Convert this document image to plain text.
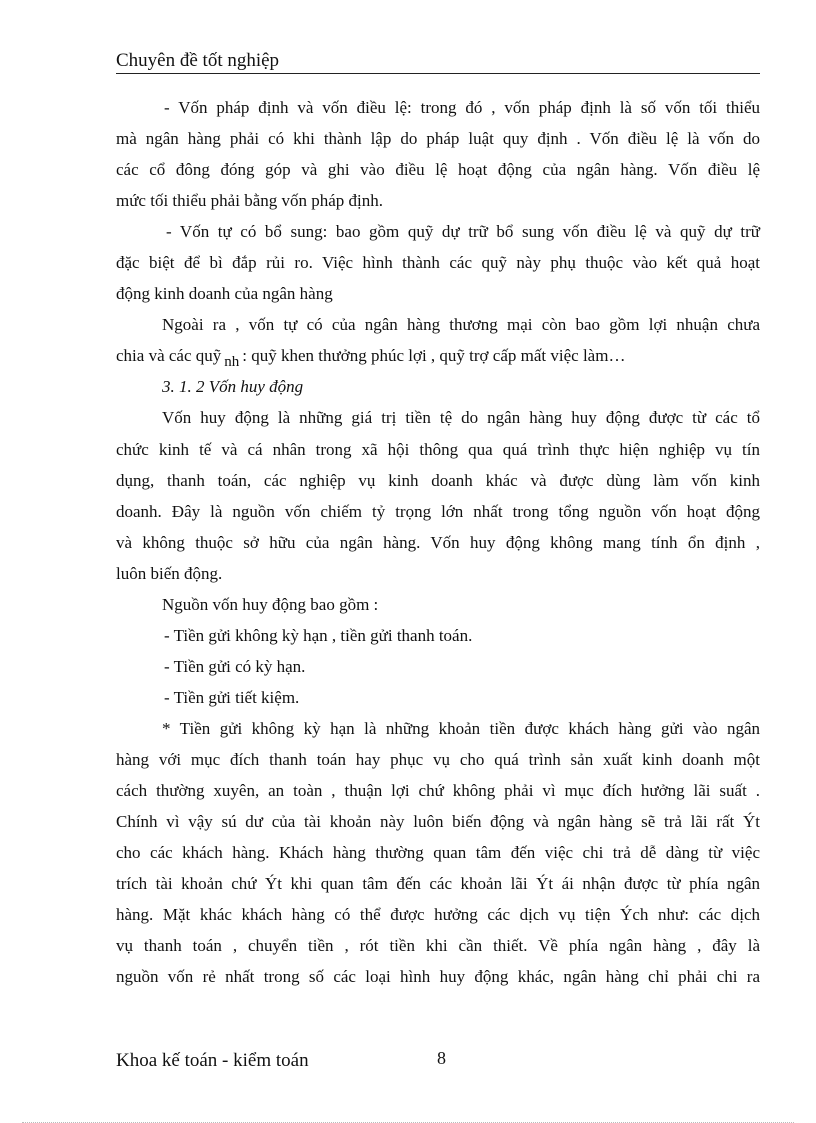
Chuyên đề tốt nghiệp
- Vốn pháp định và vốn điều lệ: trong đó , vốn pháp định là số vốn tối thiểu
mà ngân hàng phải có khi thành lập do pháp luật quy định . Vốn điều lệ là vốn do
các cổ đông đóng góp và ghi vào điều lệ hoạt động của ngân hàng. Vốn điều lệ
mức tối thiểu phải bằng vốn pháp định.
- Vốn tự có bổ sung: bao gồm quỹ dự trữ bổ sung vốn điều lệ và quỹ dự trữ
đặc biệt để bì đắp rủi ro. Việc hình thành các quỹ này phụ thuộc vào kết quả hoạt
động kinh doanh của ngân hàng
Ngoài ra , vốn tự có của ngân hàng thương mại còn bao gồm lợi nhuận chưa
chia và các quỹ nh : quỹ khen thưởng phúc lợi , quỹ trợ cấp mất việc làm…
3. 1. 2 Vốn huy động
Vốn huy động là những giá trị tiền tệ do ngân hàng huy động được từ các tổ
chức kinh tế và cá nhân trong xã hội thông qua quá trình thực hiện nghiệp vụ tín
dụng, thanh toán, các nghiệp vụ kinh doanh khác và được dùng làm vốn kinh
doanh. Đây là nguồn vốn chiếm tỷ trọng lớn nhất trong tổng nguồn vốn hoạt động
và không thuộc sở hữu của ngân hàng. Vốn huy động không mang tính ổn định ,
luôn biến động.
Nguồn vốn huy động bao gồm :
- Tiền gửi không kỳ hạn , tiền gửi thanh toán.
- Tiền gửi có kỳ hạn.
- Tiền gửi tiết kiệm.
* Tiền gửi không kỳ hạn là những khoản tiền được khách hàng gửi vào ngân
hàng với mục đích thanh toán hay phục vụ cho quá trình sản xuất kinh doanh một
cách thường xuyên, an toàn , thuận lợi chứ không phải vì mục đích hưởng lãi suất .
Chính vì vậy sú dư của tài khoản này luôn biến động và ngân hàng sẽ trả lãi rất Ýt
cho các khách hàng. Khách hàng thường quan tâm đến việc chi trả dễ dàng từ việc
trích tài khoản chứ Ýt khi quan tâm đến các khoản lãi Ýt ái nhận được từ phía ngân
hàng. Mặt khác khách hàng có thể được hưởng các dịch vụ tiện Ých như: các dịch
vụ thanh toán , chuyển tiền , rót tiền khi cần thiết. Về phía ngân hàng , đây là
nguồn vốn rẻ nhất trong số các loại hình huy động khác, ngân hàng chỉ phải chi ra
Khoa kế toán - kiểm toán	8
